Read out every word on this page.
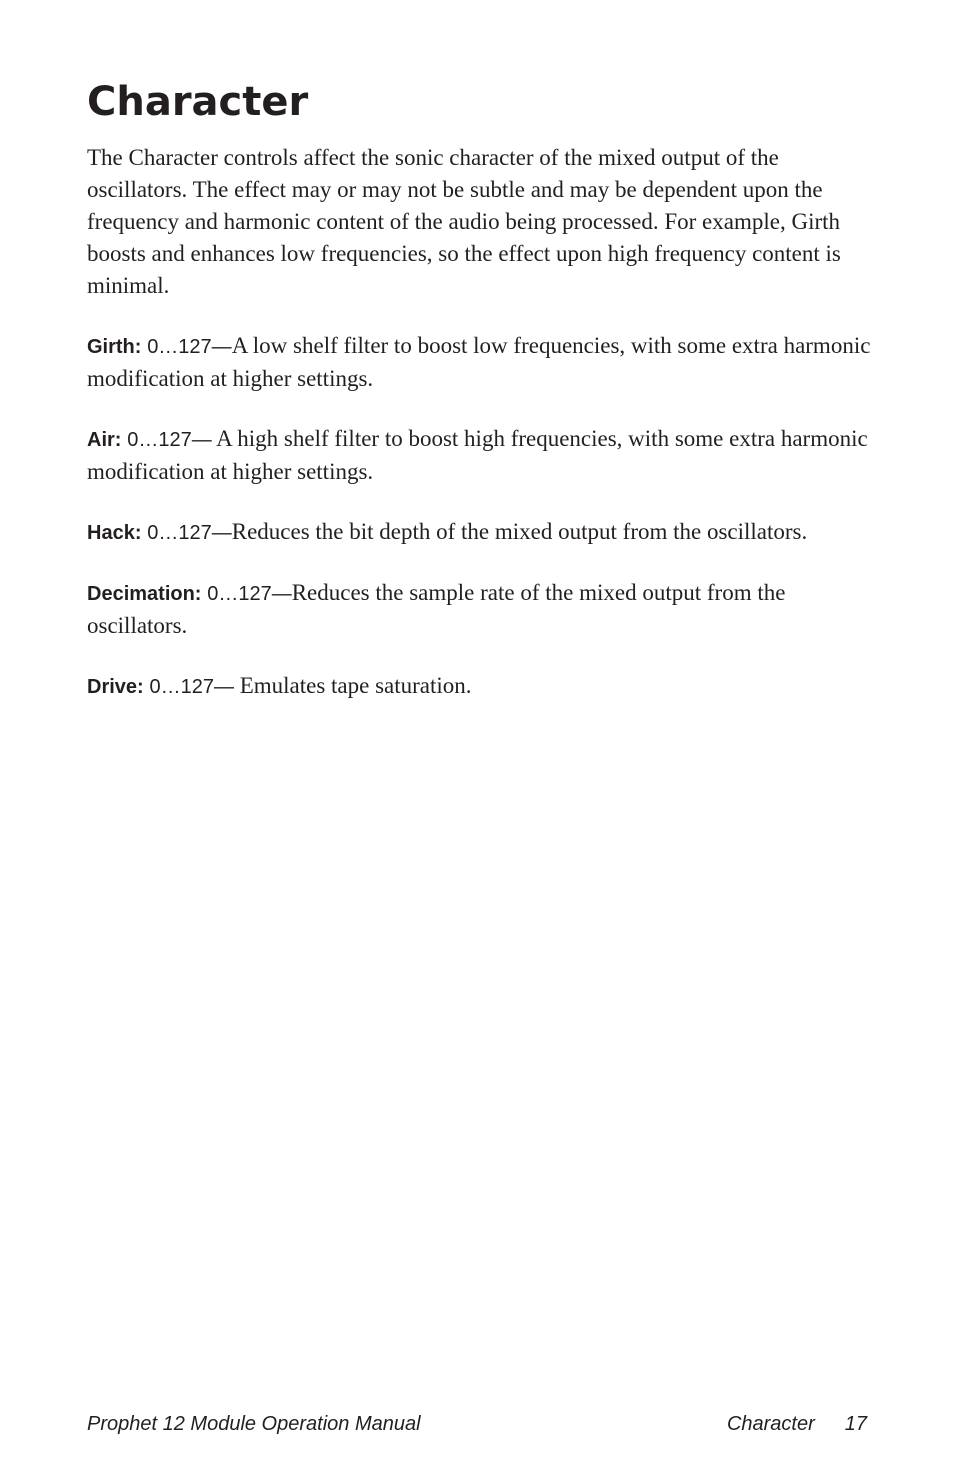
Character

The Character controls affect the sonic character of the mixed output of the oscillators. The effect may or may not be subtle and may be dependent upon the frequency and harmonic content of the audio being processed. For example, Girth boosts and enhances low frequencies, so the effect upon high frequency content is minimal.

Girth: 0…127—A low shelf filter to boost low frequencies, with some extra harmonic modification at higher settings.

Air: 0…127— A high shelf filter to boost high frequencies, with some extra harmonic modification at higher settings.

Hack: 0…127—Reduces the bit depth of the mixed output from the oscillators.

Decimation: 0…127—Reduces the sample rate of the mixed output from the oscillators.

Drive: 0…127— Emulates tape saturation.

Prophet 12 Module Operation Manual	Character 17
